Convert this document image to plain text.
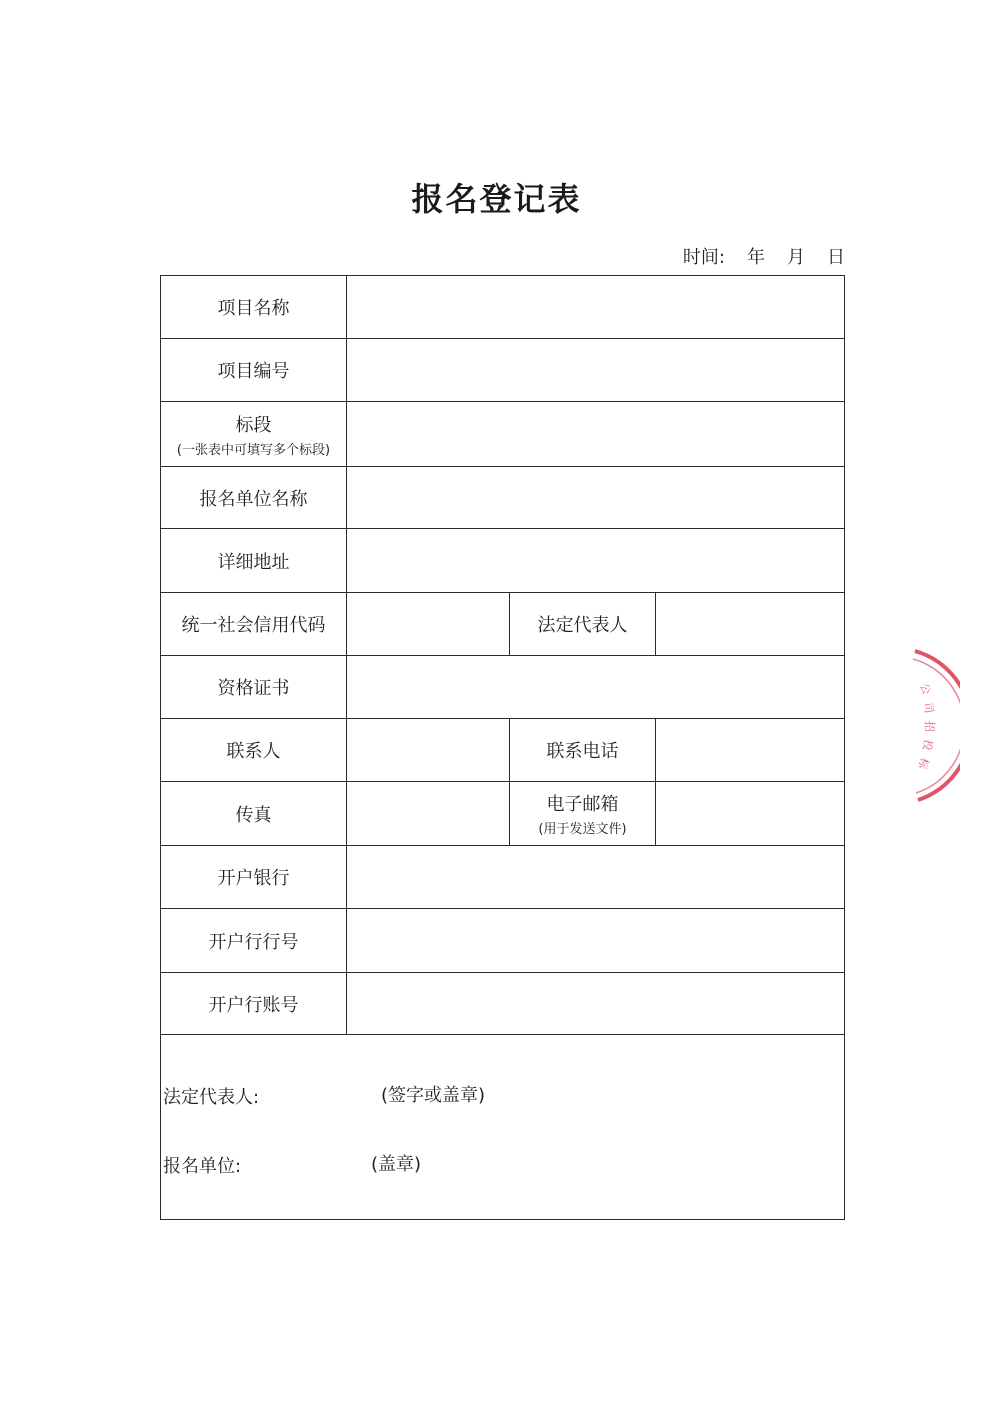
报名登记表
时间: 年 月 日
项目名称			
项目编号			
标段
(一张表中可填写多个标段)			

报名单位名称			
详细地址			
统一社会信用代码		法定代表人	
资格证书			
联系人		联系电话	
传真		电子邮箱
(用于发送文件)	

开户银行			
开户行行号			
开户行账号			

法定代表人: (签字或盖章)
报名单位: (盖章)			
公
司
招
投
标
